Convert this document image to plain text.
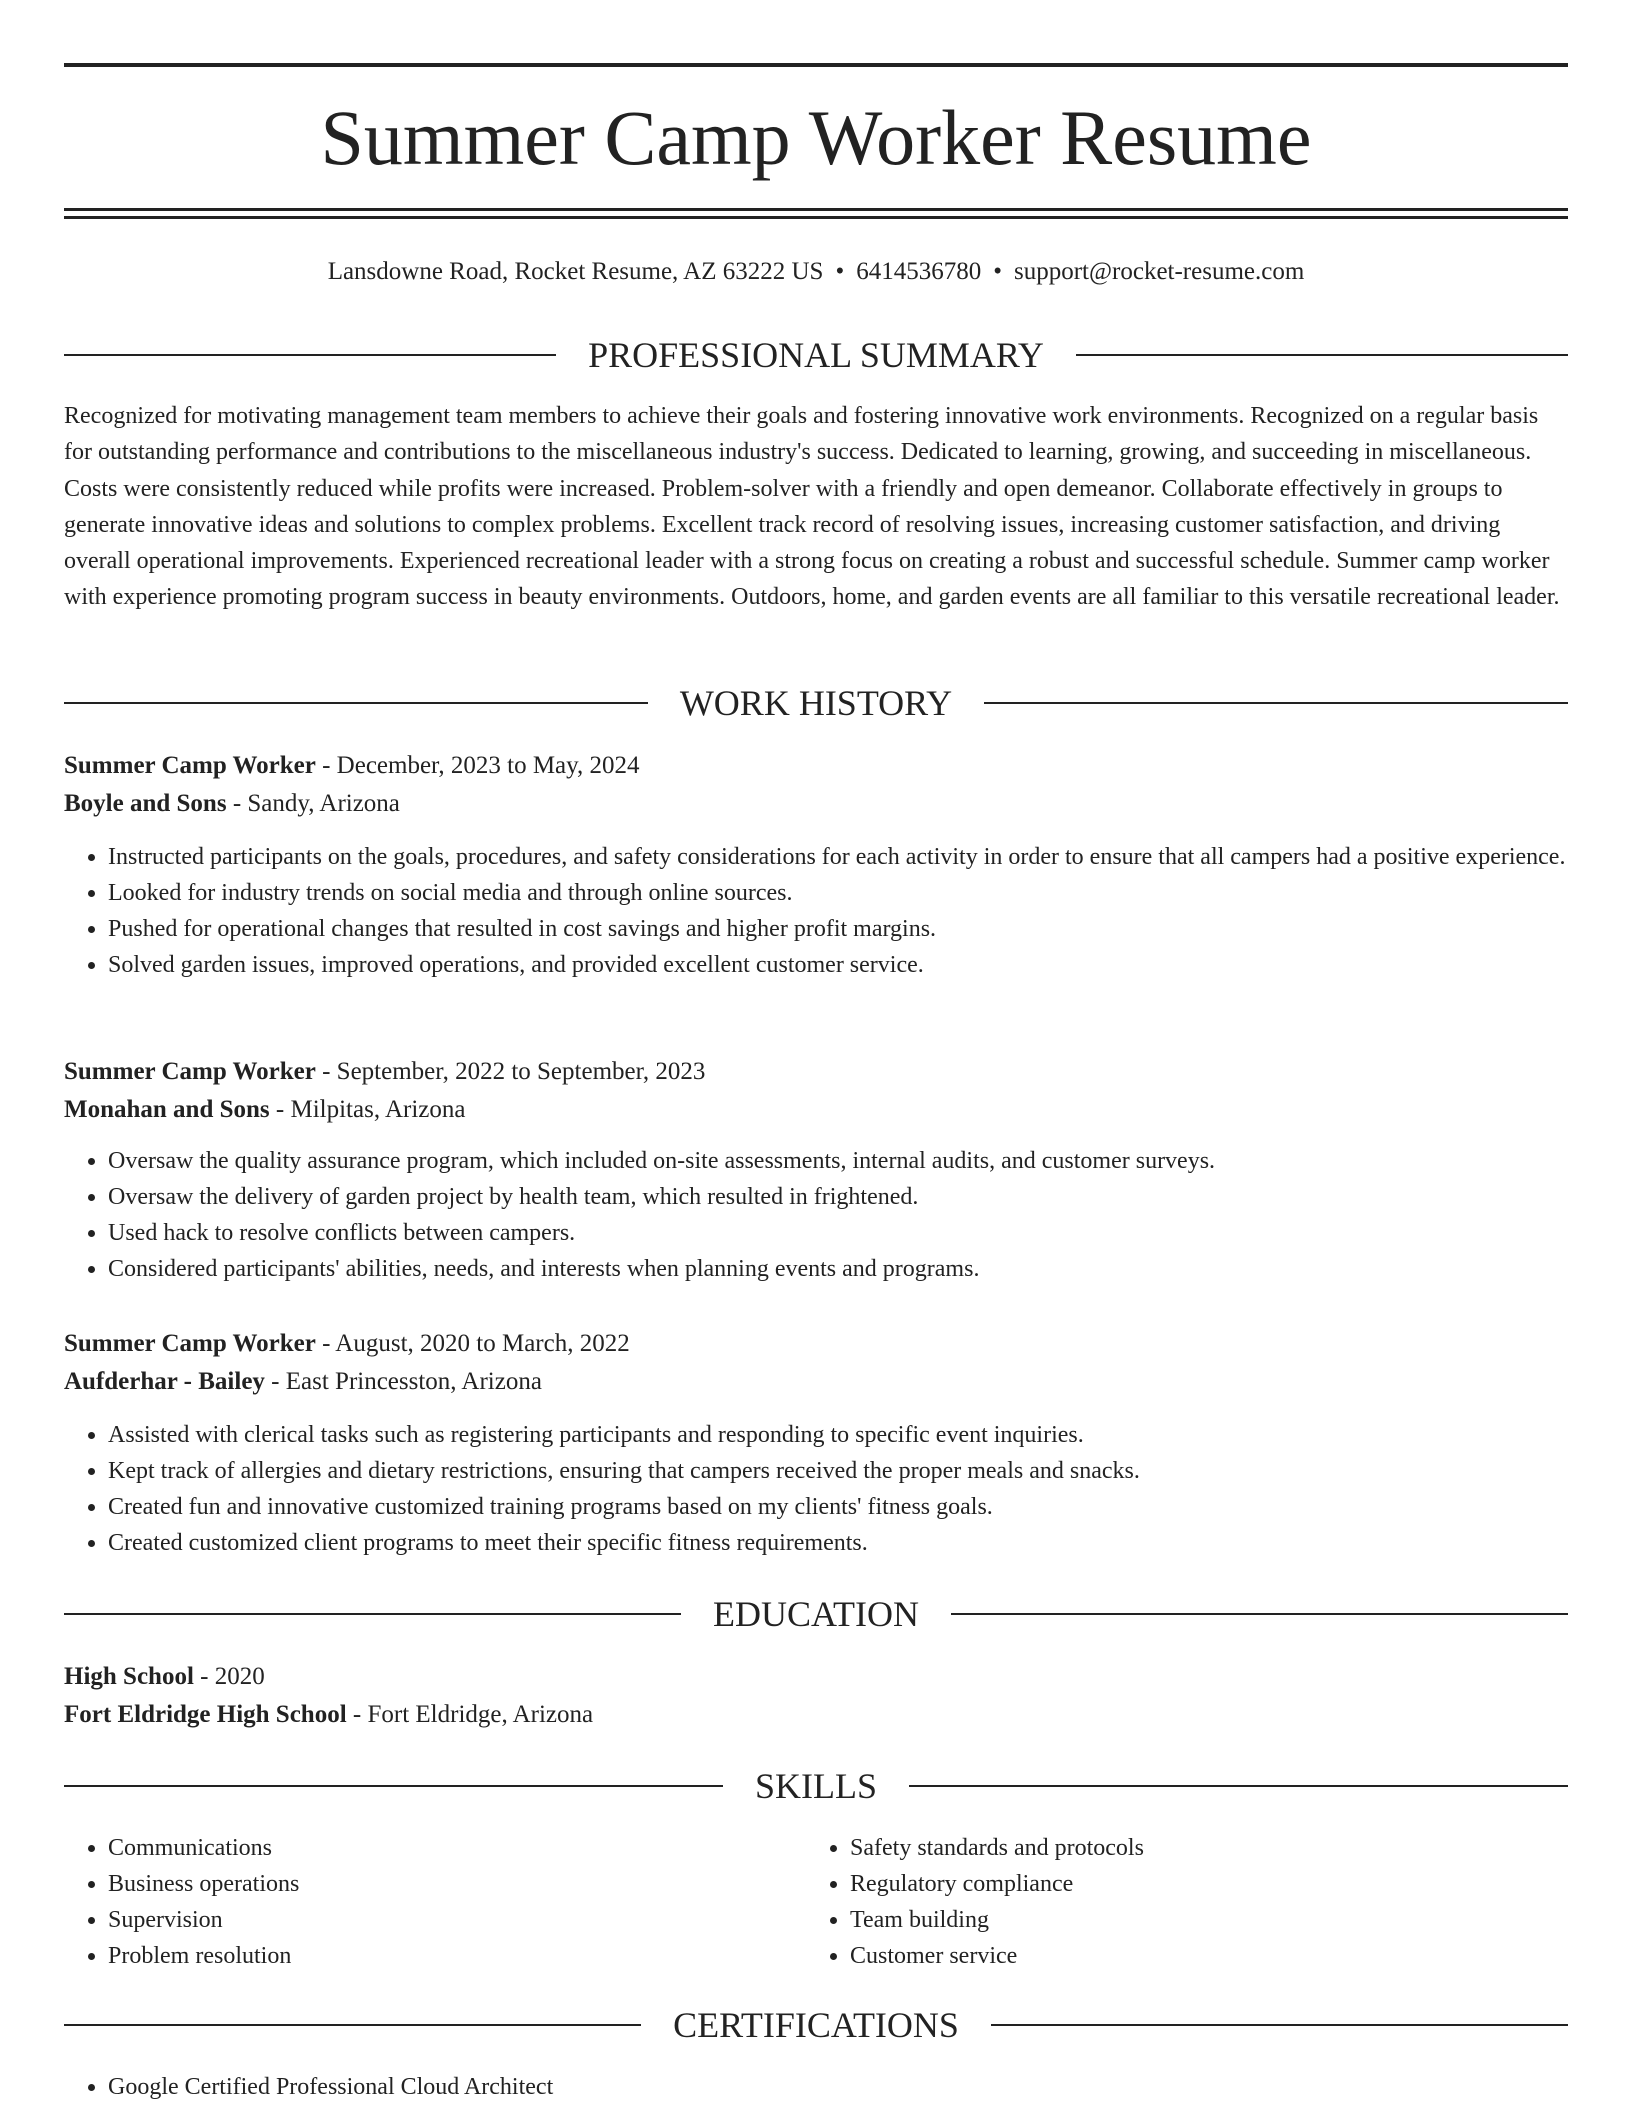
Summer Camp Worker Resume
Lansdowne Road, Rocket Resume, AZ 63222 US • 6414536780 • support@rocket-resume.com
PROFESSIONAL SUMMARY

Recognized for motivating management team members to achieve their goals and fostering innovative work environments. Recognized on a regular basis for outstanding performance and contributions to the miscellaneous industry's success. Dedicated to learning, growing, and succeeding in miscellaneous. Costs were consistently reduced while profits were increased. Problem-solver with a friendly and open demeanor. Collaborate effectively in groups to generate innovative ideas and solutions to complex problems. Excellent track record of resolving issues, increasing customer satisfaction, and driving overall operational improvements. Experienced recreational leader with a strong focus on creating a robust and successful schedule. Summer camp worker with experience promoting program success in beauty environments. Outdoors, home, and garden events are all familiar to this versatile recreational leader.

WORK HISTORY
Summer Camp Worker - December, 2023 to May, 2024
Boyle and Sons - Sandy, Arizona
• Instructed participants on the goals, procedures, and safety considerations for each activity in order to ensure that all campers had a positive experience.
• Looked for industry trends on social media and through online sources.
• Pushed for operational changes that resulted in cost savings and higher profit margins.
• Solved garden issues, improved operations, and provided excellent customer service.
Summer Camp Worker - September, 2022 to September, 2023
Monahan and Sons - Milpitas, Arizona
• Oversaw the quality assurance program, which included on-site assessments, internal audits, and customer surveys.
• Oversaw the delivery of garden project by health team, which resulted in frightened.
• Used hack to resolve conflicts between campers.
• Considered participants' abilities, needs, and interests when planning events and programs.
Summer Camp Worker - August, 2020 to March, 2022
Aufderhar - Bailey - East Princesston, Arizona
• Assisted with clerical tasks such as registering participants and responding to specific event inquiries.
• Kept track of allergies and dietary restrictions, ensuring that campers received the proper meals and snacks.
• Created fun and innovative customized training programs based on my clients' fitness goals.
• Created customized client programs to meet their specific fitness requirements.
EDUCATION
High School - 2020
Fort Eldridge High School - Fort Eldridge, Arizona
SKILLS
• Communications
• Business operations
• Supervision
• Problem resolution
• Safety standards and protocols
• Regulatory compliance
• Team building
• Customer service
CERTIFICATIONS
• Google Certified Professional Cloud Architect
